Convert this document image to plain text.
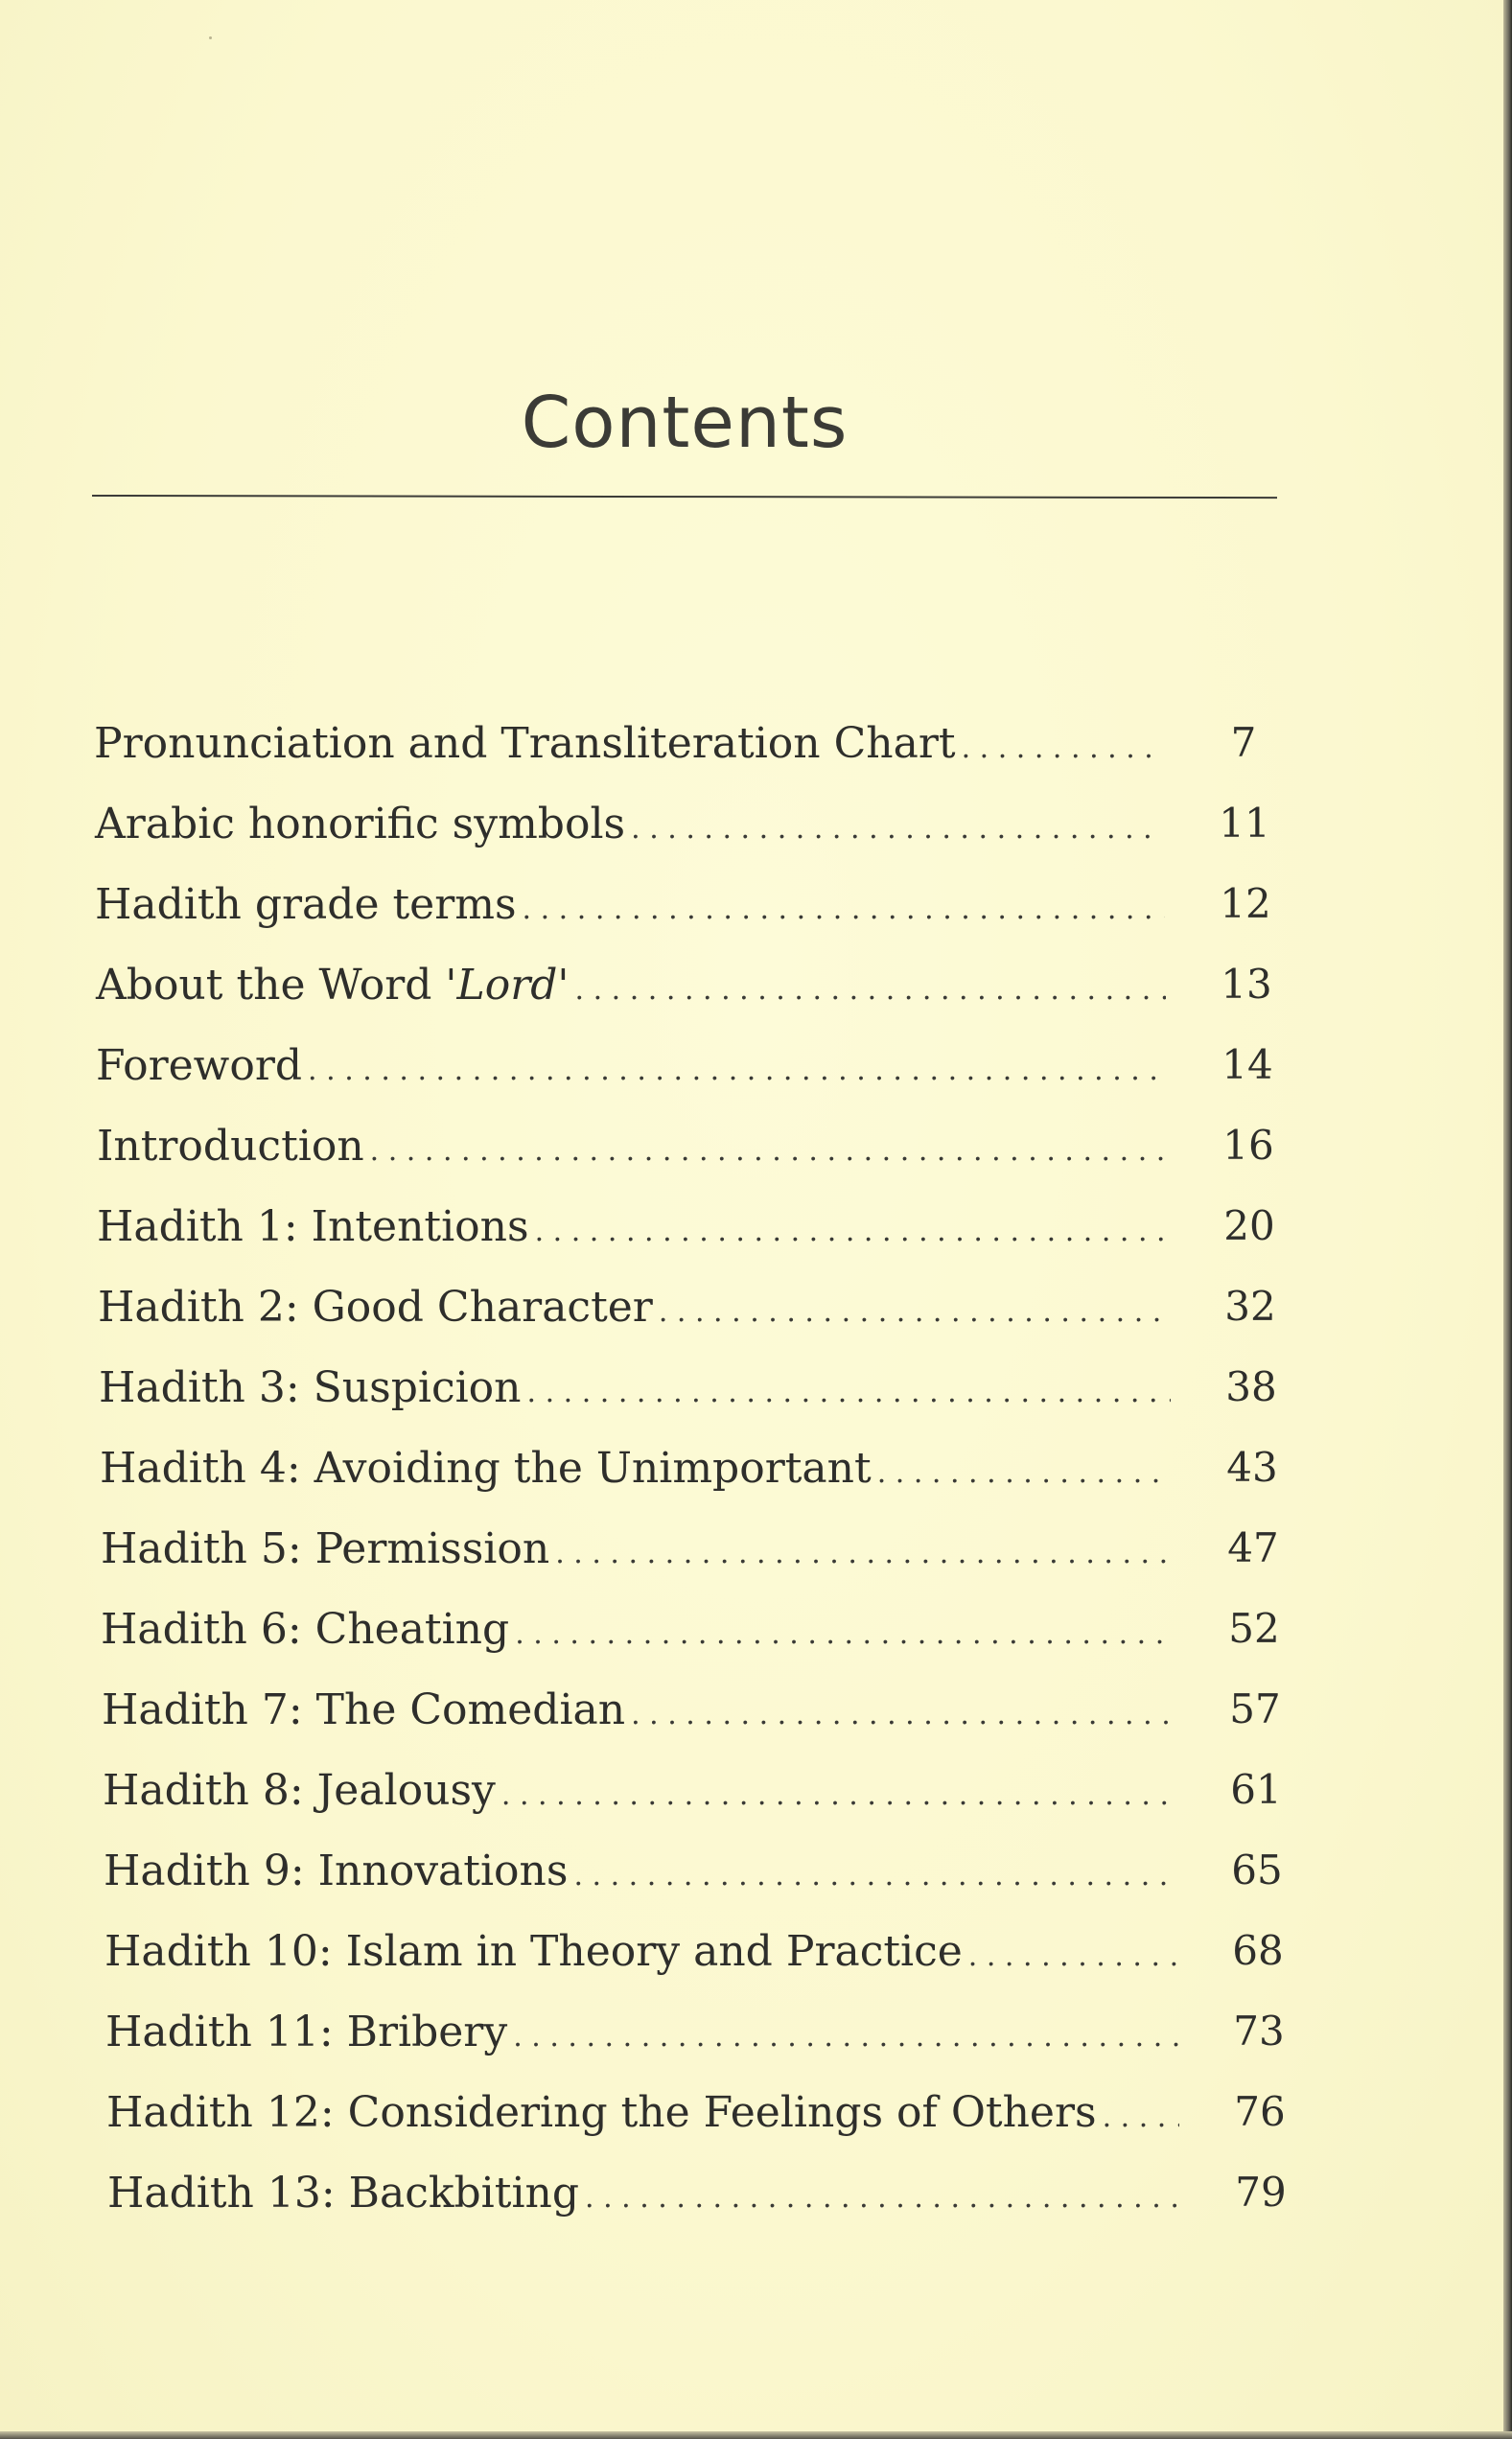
Contents
Pronunciation and Transliteration Chart
. . .
Arabic honorific symbols
. . .
Hadith grade terms
. . .
About the Word 'Lord'
. . .
Foreword
. . .
Introduction
. . .
Hadith 1: Intentions
. . .
Hadith 2: Good Character
. . .
Hadith 3: Suspicion
. . .
Hadith 4: Avoiding the Unimportant
. . .
Hadith 5: Permission
. . .
Hadith 6: Cheating
. . .
Hadith 7: The Comedian
. . .
Hadith 8: Jealousy
. . .
Hadith 9: Innovations
. . .
Hadith 10: Islam in Theory and Practice
. . .
Hadith 11: Bribery
. . .
Hadith 12: Considering the Feelings of Others
. . .
Hadith 13: Backbiting
. . .
7
11
12
13
14
16
20
32
38
43
47
52
57
61
65
68
73
76
79
